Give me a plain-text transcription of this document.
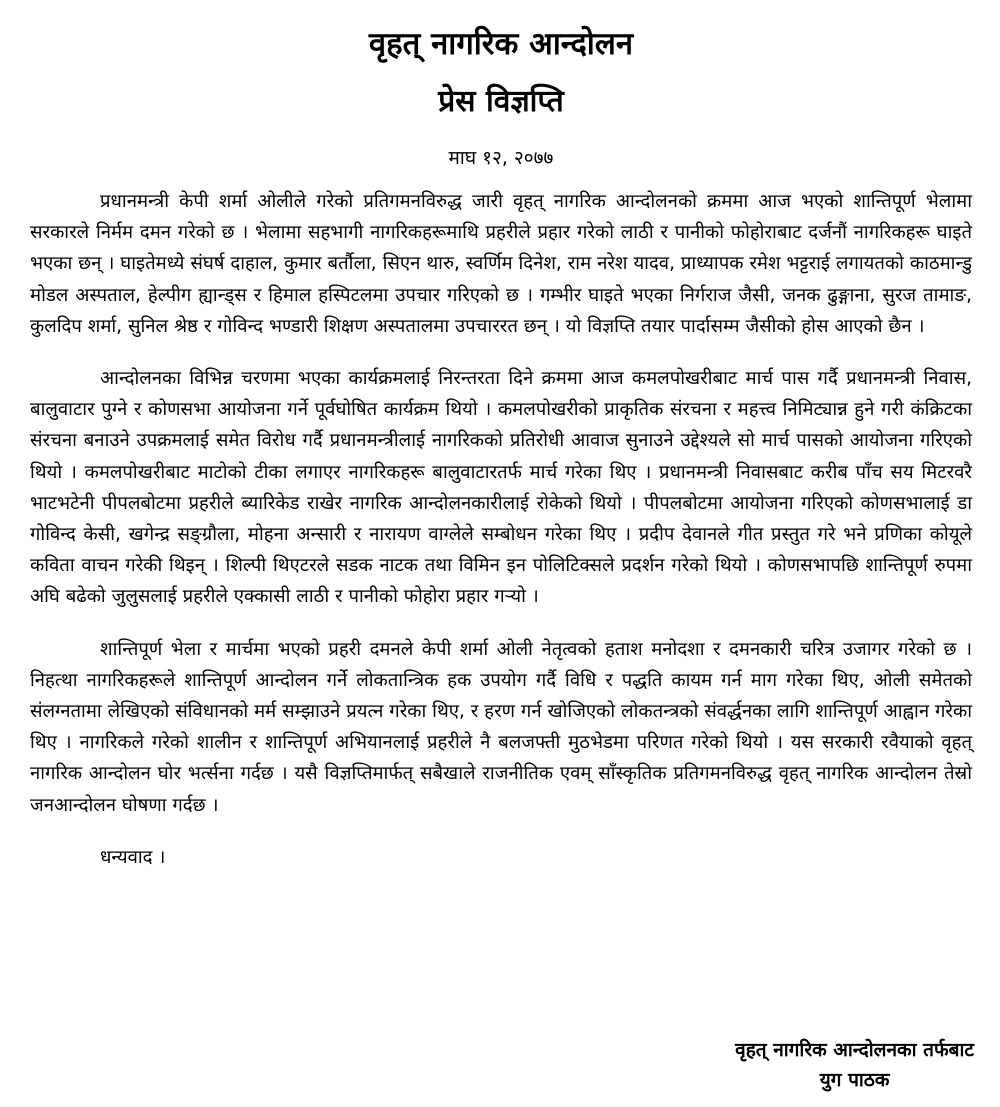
वृहत् नागरिक आन्दोलन
प्रेस विज्ञप्ति
माघ १२, २०७७

प्रधानमन्त्री केपी शर्मा ओलीले गरेको प्रतिगमनविरुद्ध जारी वृहत् नागरिक आन्दोलनको क्रममा आज भएको शान्तिपूर्ण भेलामा सरकारले निर्मम दमन गरेको छ । भेलामा सहभागी नागरिकहरूमाथि प्रहरीले प्रहार गरेको लाठी र पानीको फोहोराबाट दर्जनौं नागरिकहरू घाइते भएका छन् । घाइतेमध्ये संघर्ष दाहाल, कुमार बर्तौला, सिएन थारु, स्वर्णिम दिनेश, राम नरेश यादव, प्राध्यापक रमेश भट्टराई लगायतको काठमान्डु मोडल अस्पताल, हेल्पीग ह्यान्ड्स र हिमाल हस्पिटलमा उपचार गरिएको छ । गम्भीर घाइते भएका निर्गराज जैसी, जनक ढुङ्गाना, सुरज तामाङ, कुलदिप शर्मा, सुनिल श्रेष्ठ र गोविन्द भण्डारी शिक्षण अस्पतालमा उपचाररत छन् । यो विज्ञप्ति तयार पार्दासम्म जैसीको होस आएको छैन ।

आन्दोलनका विभिन्न चरणमा भएका कार्यक्रमलाई निरन्तरता दिने क्रममा आज कमलपोखरीबाट मार्च पास गर्दै प्रधानमन्त्री निवास, बालुवाटार पुग्ने र कोणसभा आयोजना गर्ने पूर्वघोषित कार्यक्रम थियो । कमलपोखरीको प्राकृतिक संरचना र महत्त्व निमिट्यान्न हुने गरी कंक्रिटका संरचना बनाउने उपक्रमलाई समेत विरोध गर्दै प्रधानमन्त्रीलाई नागरिकको प्रतिरोधी आवाज सुनाउने उद्देश्यले सो मार्च पासको आयोजना गरिएको थियो । कमलपोखरीबाट माटोको टीका लगाएर नागरिकहरू बालुवाटारतर्फ मार्च गरेका थिए । प्रधानमन्त्री निवासबाट करीब पाँच सय मिटरवरै भाटभटेनी पीपलबोटमा प्रहरीले ब्यारिकेड राखेर नागरिक आन्दोलनकारीलाई रोकेको थियो । पीपलबोटमा आयोजना गरिएको कोणसभालाई डा गोविन्द केसी, खगेन्द्र सङ्ग्रौला, मोहना अन्सारी र नारायण वाग्लेले सम्बोधन गरेका थिए । प्रदीप देवानले गीत प्रस्तुत गरे भने प्रणिका कोयूले कविता वाचन गरेकी थिइन् । शिल्पी थिएटरले सडक नाटक तथा विमिन इन पोलिटिक्सले प्रदर्शन गरेको थियो । कोणसभापछि शान्तिपूर्ण रुपमा अघि बढेको जुलुसलाई प्रहरीले एक्कासी लाठी र पानीको फोहोरा प्रहार गर्‍यो ।

शान्तिपूर्ण भेला र मार्चमा भएको प्रहरी दमनले केपी शर्मा ओली नेतृत्वको हताश मनोदशा र दमनकारी चरित्र उजागर गरेको छ । निहत्था नागरिकहरूले शान्तिपूर्ण आन्दोलन गर्ने लोकतान्त्रिक हक उपयोग गर्दै विधि र पद्धति कायम गर्न माग गरेका थिए, ओली समेतको संलग्नतामा लेखिएको संविधानको मर्म सम्झाउने प्रयत्न गरेका थिए, र हरण गर्न खोजिएको लोकतन्त्रको संवर्द्धनका लागि शान्तिपूर्ण आह्वान गरेका थिए । नागरिकले गरेको शालीन र शान्तिपूर्ण अभियानलाई प्रहरीले नै बलजफ्ती मुठभेडमा परिणत गरेको थियो । यस सरकारी रवैयाको वृहत् नागरिक आन्दोलन घोर भर्त्सना गर्दछ । यसै विज्ञप्तिमार्फत् सबैखाले राजनीतिक एवम् साँस्कृतिक प्रतिगमनविरुद्ध वृहत् नागरिक आन्दोलन तेस्रो जनआन्दोलन घोषणा गर्दछ ।

धन्यवाद ।
वृहत् नागरिक आन्दोलनका तर्फबाट
युग पाठक
